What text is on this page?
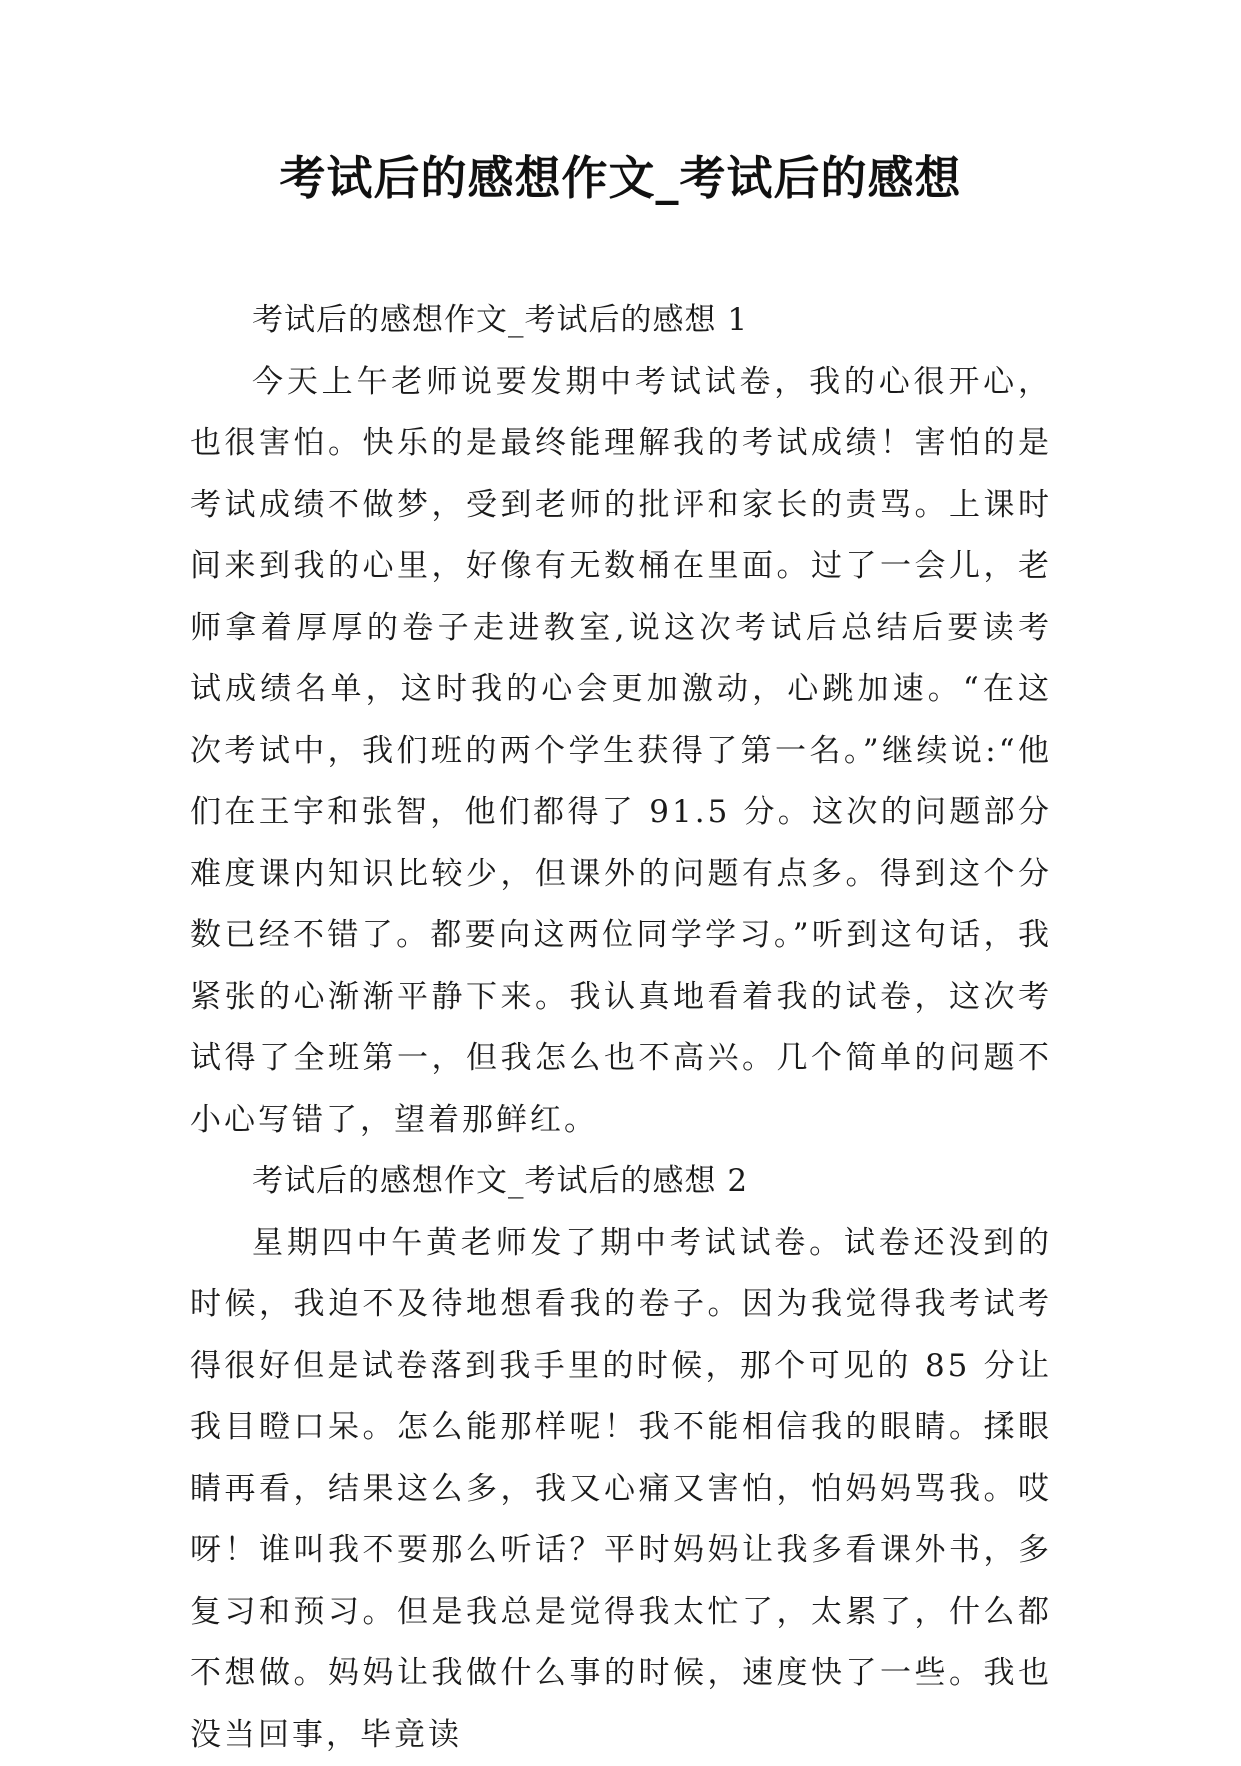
考试后的感想作文_考试后的感想

考试后的感想作文_考试后的感想 1

今天上午老师说要发期中考试试卷，我的心很开心，也很害怕。快乐的是最终能理解我的考试成绩！害怕的是考试成绩不做梦，受到老师的批评和家长的责骂。上课时间来到我的心里，好像有无数桶在里面。过了一会儿，老师拿着厚厚的卷子走进教室,说这次考试后总结后要读考试成绩名单，这时我的心会更加激动，心跳加速。“在这次考试中，我们班的两个学生获得了第一名。”继续说:“他们在王宇和张智，他们都得了 91.5 分。这次的问题部分难度课内知识比较少，但课外的问题有点多。得到这个分数已经不错了。都要向这两位同学学习。”听到这句话，我紧张的心渐渐平静下来。我认真地看着我的试卷，这次考试得了全班第一，但我怎么也不高兴。几个简单的问题不小心写错了，望着那鲜红。

考试后的感想作文_考试后的感想 2

星期四中午黄老师发了期中考试试卷。试卷还没到的时候，我迫不及待地想看我的卷子。因为我觉得我考试考得很好但是试卷落到我手里的时候，那个可见的 85 分让我目瞪口呆。怎么能那样呢！我不能相信我的眼睛。揉眼睛再看，结果这么多，我又心痛又害怕，怕妈妈骂我。哎呀！谁叫我不要那么听话？平时妈妈让我多看课外书，多复习和预习。但是我总是觉得我太忙了，太累了，什么都不想做。妈妈让我做什么事的时候，速度快了一些。我也没当回事，毕竟读
